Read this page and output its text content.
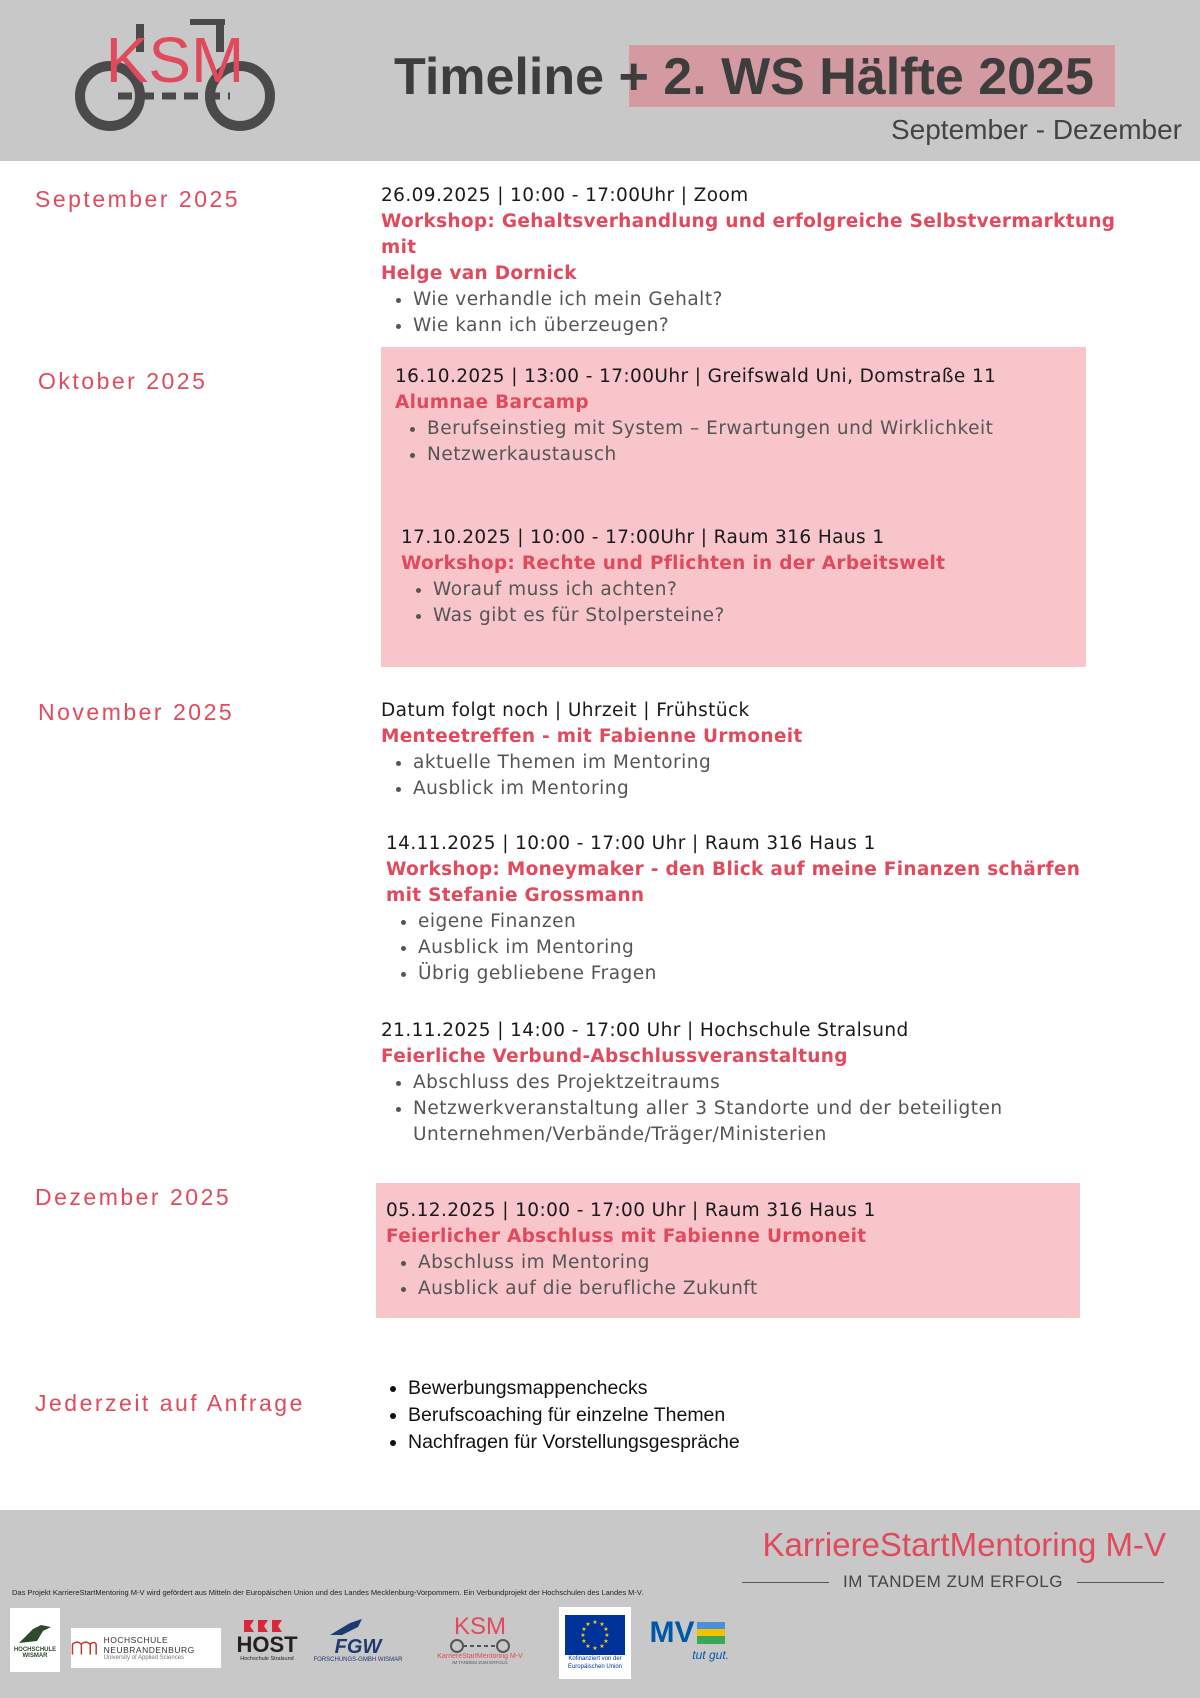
KSM	Timeline + 2. WS Hälfte 2025
September - Dezember
September 2025	26.09.2025 | 10:00 - 17:00Uhr | Zoom
Workshop: Gehaltsverhandlung und erfolgreiche Selbstvermarktung mit
Helge van Dornick
• Wie verhandle ich mein Gehalt?
• Wie kann ich überzeugen?
Oktober 2025	16.10.2025 | 13:00 - 17:00Uhr | Greifswald Uni, Domstraße 11
Alumnae Barcamp
• Berufseinstieg mit System – Erwartungen und Wirklichkeit
• Netzwerkaustausch
17.10.2025 | 10:00 - 17:00Uhr | Raum 316 Haus 1
Workshop: Rechte und Pflichten in der Arbeitswelt
• Worauf muss ich achten?
• Was gibt es für Stolpersteine?
November 2025	Datum folgt noch | Uhrzeit | Frühstück
Menteetreffen - mit Fabienne Urmoneit
• aktuelle Themen im Mentoring
• Ausblick im Mentoring
14.11.2025 | 10:00 - 17:00 Uhr | Raum 316 Haus 1
Workshop: Moneymaker - den Blick auf meine Finanzen schärfen
mit Stefanie Grossmann
• eigene Finanzen
• Ausblick im Mentoring
• Übrig gebliebene Fragen
21.11.2025 | 14:00 - 17:00 Uhr | Hochschule Stralsund
Feierliche Verbund-Abschlussveranstaltung
• Abschluss des Projektzeitraums
• Netzwerkveranstaltung aller 3 Standorte und der beteiligten Unternehmen/Verbände/Träger/Ministerien
Dezember 2025
05.12.2025 | 10:00 - 17:00 Uhr | Raum 316 Haus 1
Feierlicher Abschluss mit Fabienne Urmoneit
• Abschluss im Mentoring
• Ausblick auf die berufliche Zukunft
Jederzeit auf Anfrage
• Bewerbungsmappenchecks
• Berufscoaching für einzelne Themen
• Nachfragen für Vorstellungsgespräche
KarriereStartMentoring M-V
IM TANDEM ZUM ERFOLG
Das Projekt KarriereStartMentoring M-V wird gefördert aus Mitteln der Europäischen Union und des Landes Mecklenburg-Vorpommern. Ein Verbundprojekt der Hochschulen des Landes M-V.
HOCHSCHULE WISMAR
HOCHSCHULE NEUBRANDENBURG
University of Applied Sciences
HOST
Hochschule Stralsund
FGW
FORSCHUNGS-GMBH WISMAR
KSM
KarriereStartMentoring M-V
IM TANDEM ZUM ERFOLG
★ ★
★
★
★
★
★
★
★
★
★
★
Kofinanziert von der Europäischen Union
MV
tut gut.
